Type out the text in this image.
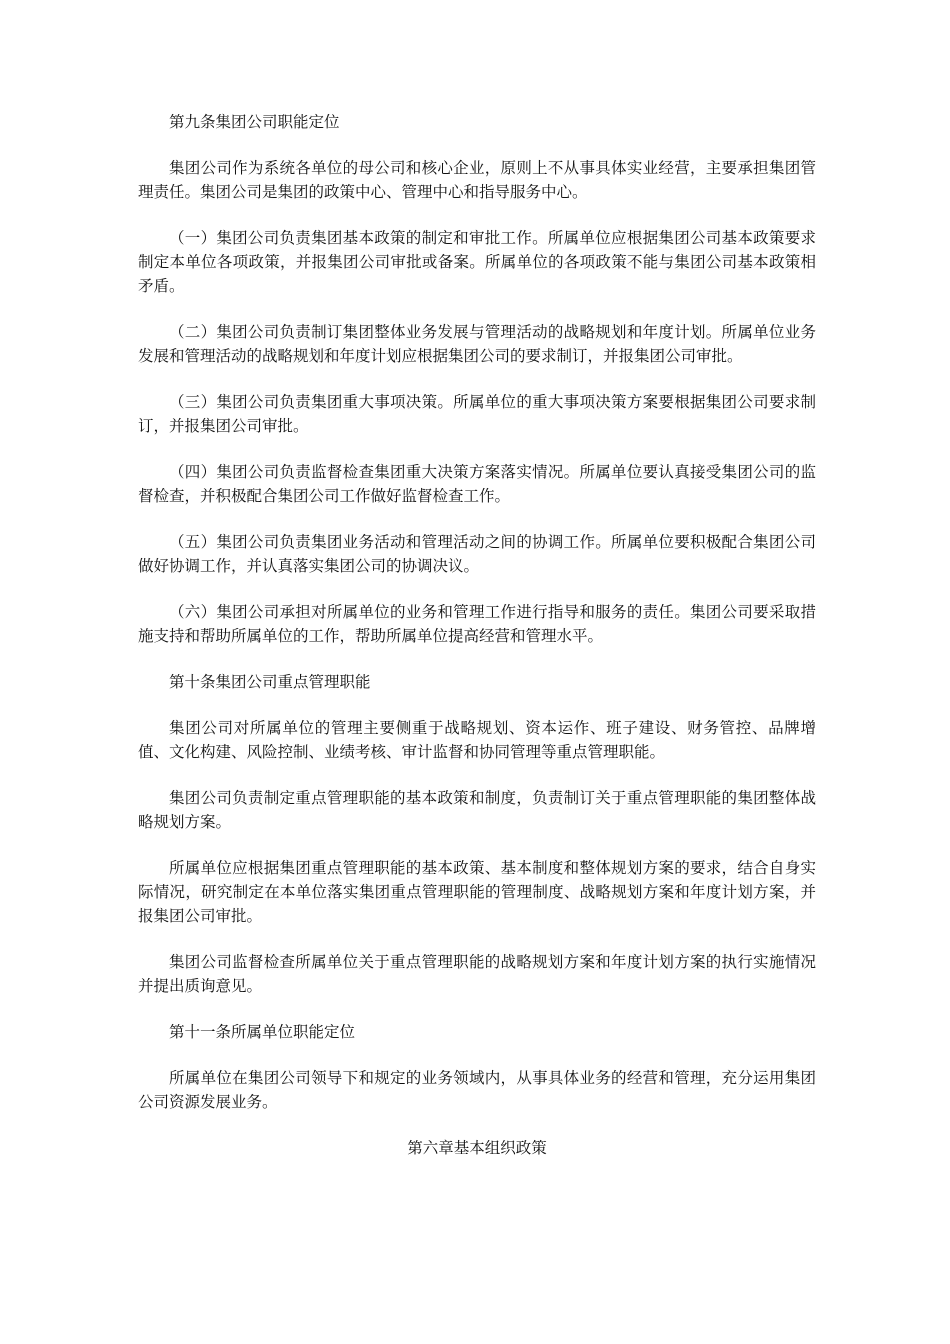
第九条集团公司职能定位

集团公司作为系统各单位的母公司和核心企业，原则上不从事具体实业经营，主要承担集团管理责任。集团公司是集团的政策中心、管理中心和指导服务中心。

（一）集团公司负责集团基本政策的制定和审批工作。所属单位应根据集团公司基本政策要求制定本单位各项政策，并报集团公司审批或备案。所属单位的各项政策不能与集团公司基本政策相矛盾。

（二）集团公司负责制订集团整体业务发展与管理活动的战略规划和年度计划。所属单位业务发展和管理活动的战略规划和年度计划应根据集团公司的要求制订，并报集团公司审批。

（三）集团公司负责集团重大事项决策。所属单位的重大事项决策方案要根据集团公司要求制订，并报集团公司审批。

（四）集团公司负责监督检查集团重大决策方案落实情况。所属单位要认真接受集团公司的监督检查，并积极配合集团公司工作做好监督检查工作。

（五）集团公司负责集团业务活动和管理活动之间的协调工作。所属单位要积极配合集团公司做好协调工作，并认真落实集团公司的协调决议。

（六）集团公司承担对所属单位的业务和管理工作进行指导和服务的责任。集团公司要采取措施支持和帮助所属单位的工作，帮助所属单位提高经营和管理水平。

第十条集团公司重点管理职能

集团公司对所属单位的管理主要侧重于战略规划、资本运作、班子建设、财务管控、品牌增值、文化构建、风险控制、业绩考核、审计监督和协同管理等重点管理职能。

集团公司负责制定重点管理职能的基本政策和制度，负责制订关于重点管理职能的集团整体战略规划方案。

所属单位应根据集团重点管理职能的基本政策、基本制度和整体规划方案的要求，结合自身实际情况，研究制定在本单位落实集团重点管理职能的管理制度、战略规划方案和年度计划方案，并报集团公司审批。

集团公司监督检查所属单位关于重点管理职能的战略规划方案和年度计划方案的执行实施情况并提出质询意见。

第十一条所属单位职能定位

所属单位在集团公司领导下和规定的业务领域内，从事具体业务的经营和管理，充分运用集团公司资源发展业务。

第六章基本组织政策
